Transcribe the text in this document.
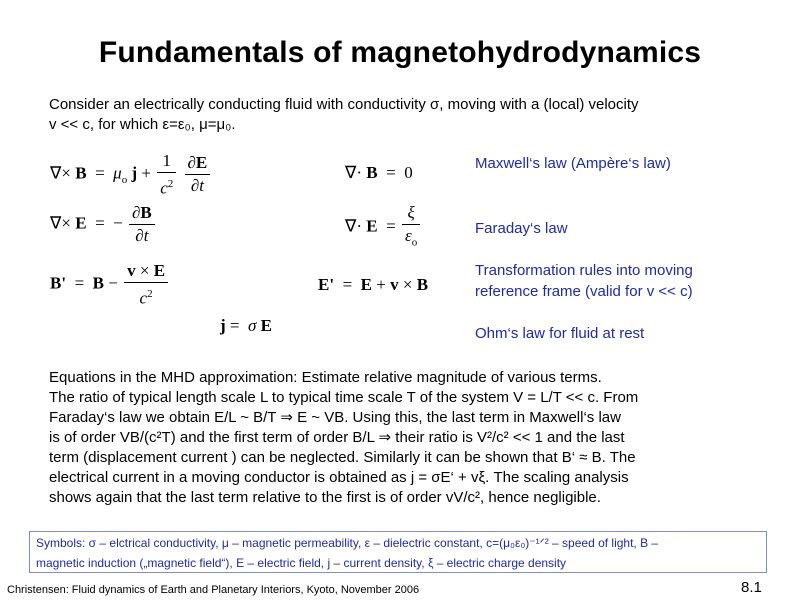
Fundamentals of magnetohydrodynamics
Consider an electrically conducting fluid with conductivity σ, moving with a (local) velocity
v << c, for which ε=ε₀, μ=μ₀.
∇× $B = \mu_o$ $j + \frac{1}{c^2}$
$\frac{\partial E}{\partial t}$	∇· B  =  0
∇× E  =  − $\frac{\partial B}{\partial t}$	∇· $E = \frac{\xi}{\varepsilon_o}$
$B' = B - \frac{v \times E}{c^2}$	E'  =  E + v × B
j =  σ E
Maxwell‘s law (Ampère‘s law)
Faraday‘s law
Transformation rules into moving
reference frame (valid for v << c)
Ohm‘s law for fluid at rest

Equations in the MHD approximation: Estimate relative magnitude of various terms.

The ratio of typical length scale L to typical time scale T of the system V = L/T << c. From

Faraday‘s law we obtain E/L ~ B/T ⇒ E ~ VB. Using this, the last term in Maxwell‘s law

is of order VB/(c²T) and the first term of order B/L ⇒ their ratio is V²/c² << 1 and the last

term (displacement current ) can be neglected. Similarly it can be shown that B‘ ≈ B. The

electrical current in a moving conductor is obtained as j = σE‘ + vξ. The scaling analysis

shows again that the last term relative to the first is of order vV/c², hence negligible.

Symbols: σ – elctrical conductivity, μ – magnetic permeability, ε – dielectric constant, c=(μ₀ε₀)⁻¹ᐟ² – speed of light, B –
magnetic induction („magnetic field“), E – electric field, j – current density, ξ – electric charge density
Christensen: Fluid dynamics of Earth and Planetary Interiors, Kyoto, November 2006	8.1
